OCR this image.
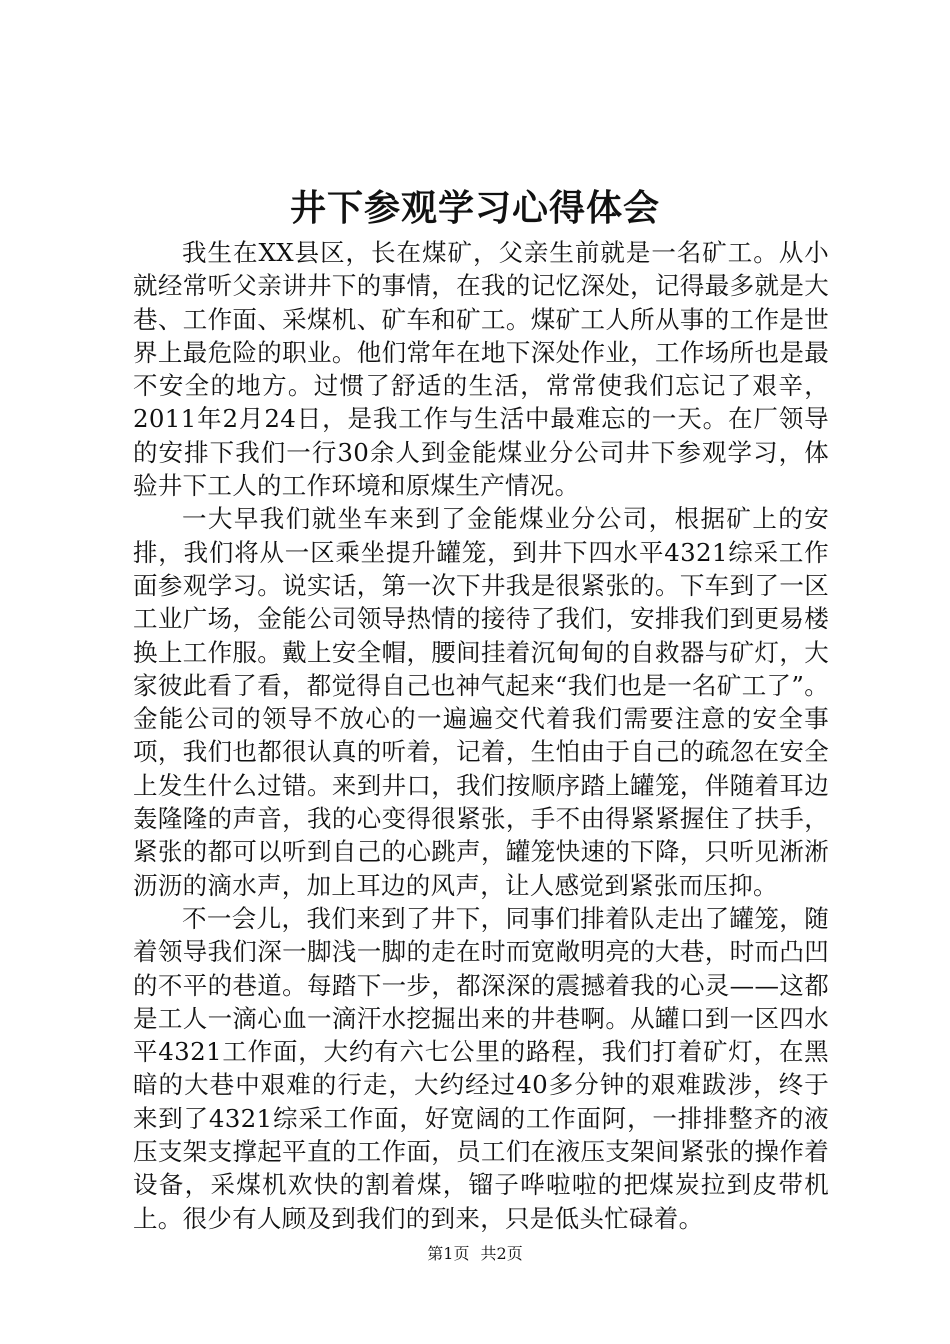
井下参观学习心得体会

我生在XX县区，长在煤矿，父亲生前就是一名矿工。从小就经常听父亲讲井下的事情，在我的记忆深处，记得最多就是大巷、工作面、采煤机、矿车和矿工。煤矿工人所从事的工作是世界上最危险的职业。他们常年在地下深处作业，工作场所也是最不安全的地方。过惯了舒适的生活，常常使我们忘记了艰辛，2011年2月24日，是我工作与生活中最难忘的一天。在厂领导的安排下我们一行30余人到金能煤业分公司井下参观学习，体验井下工人的工作环境和原煤生产情况。

一大早我们就坐车来到了金能煤业分公司，根据矿上的安排，我们将从一区乘坐提升罐笼，到井下四水平4321综采工作面参观学习。说实话，第一次下井我是很紧张的。下车到了一区工业广场，金能公司领导热情的接待了我们，安排我们到更易楼换上工作服。戴上安全帽，腰间挂着沉甸甸的自救器与矿灯，大家彼此看了看，都觉得自己也神气起来“我们也是一名矿工了”。金能公司的领导不放心的一遍遍交代着我们需要注意的安全事项，我们也都很认真的听着，记着，生怕由于自己的疏忽在安全上发生什么过错。来到井口，我们按顺序踏上罐笼，伴随着耳边轰隆隆的声音，我的心变得很紧张，手不由得紧紧握住了扶手，紧张的都可以听到自己的心跳声，罐笼快速的下降，只听见淅淅沥沥的滴水声，加上耳边的风声，让人感觉到紧张而压抑。

不一会儿，我们来到了井下，同事们排着队走出了罐笼，随着领导我们深一脚浅一脚的走在时而宽敞明亮的大巷，时而凸凹的不平的巷道。每踏下一步，都深深的震撼着我的心灵——这都是工人一滴心血一滴汗水挖掘出来的井巷啊。从罐口到一区四水平4321工作面，大约有六七公里的路程，我们打着矿灯，在黑暗的大巷中艰难的行走，大约经过40多分钟的艰难跋涉，终于来到了4321综采工作面，好宽阔的工作面阿，一排排整齐的液压支架支撑起平直的工作面，员工们在液压支架间紧张的操作着设备，采煤机欢快的割着煤，镏子哗啦啦的把煤炭拉到皮带机上。很少有人顾及到我们的到来，只是低头忙碌着。

第1页 共2页
